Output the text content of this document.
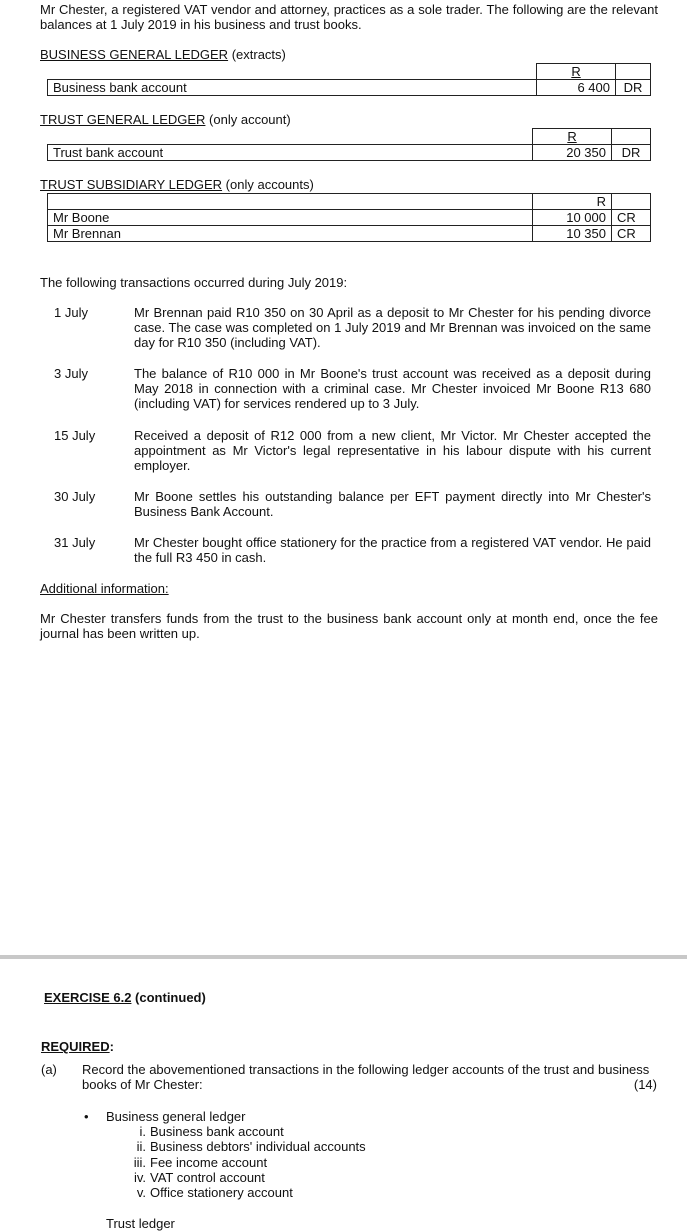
Mr Chester, a registered VAT vendor and attorney, practices as a sole trader. The following are the relevant balances at 1 July 2019 in his business and trust books.
BUSINESS GENERAL LEDGER (extracts)
	R	
Business bank account	6 400	DR
TRUST GENERAL LEDGER (only account)
	R	
Trust bank account	20 350	DR
TRUST SUBSIDIARY LEDGER (only accounts)
	R	
Mr Boone	10 000	CR
Mr Brennan	10 350	CR
The following transactions occurred during July 2019:
1 July	Mr Brennan paid R10 350 on 30 April as a deposit to Mr Chester for his pending divorce case. The case was completed on 1 July 2019 and Mr Brennan was invoiced on the same day for R10 350 (including VAT).
3 July	The balance of R10 000 in Mr Boone's trust account was received as a deposit during May 2018 in connection with a criminal case. Mr Chester invoiced Mr Boone R13 680 (including VAT) for services rendered up to 3 July.
15 July	Received a deposit of R12 000 from a new client, Mr Victor. Mr Chester accepted the appointment as Mr Victor's legal representative in his labour dispute with his current employer.
30 July	Mr Boone settles his outstanding balance per EFT payment directly into Mr Chester's Business Bank Account.
31 July	Mr Chester bought office stationery for the practice from a registered VAT vendor. He paid the full R3 450 in cash.
Additional information:
Mr Chester transfers funds from the trust to the business bank account only at month end, once the fee journal has been written up.
EXERCISE 6.2 (continued)
REQUIRED:
(a) Record the abovementioned transactions in the following ledger accounts of the trust and business books of Mr Chester:	(14)
• Business general ledger
i. Business bank account
ii. Business debtors' individual accounts
iii. Fee income account
iv. VAT control account
v. Office stationery account
Trust ledger
